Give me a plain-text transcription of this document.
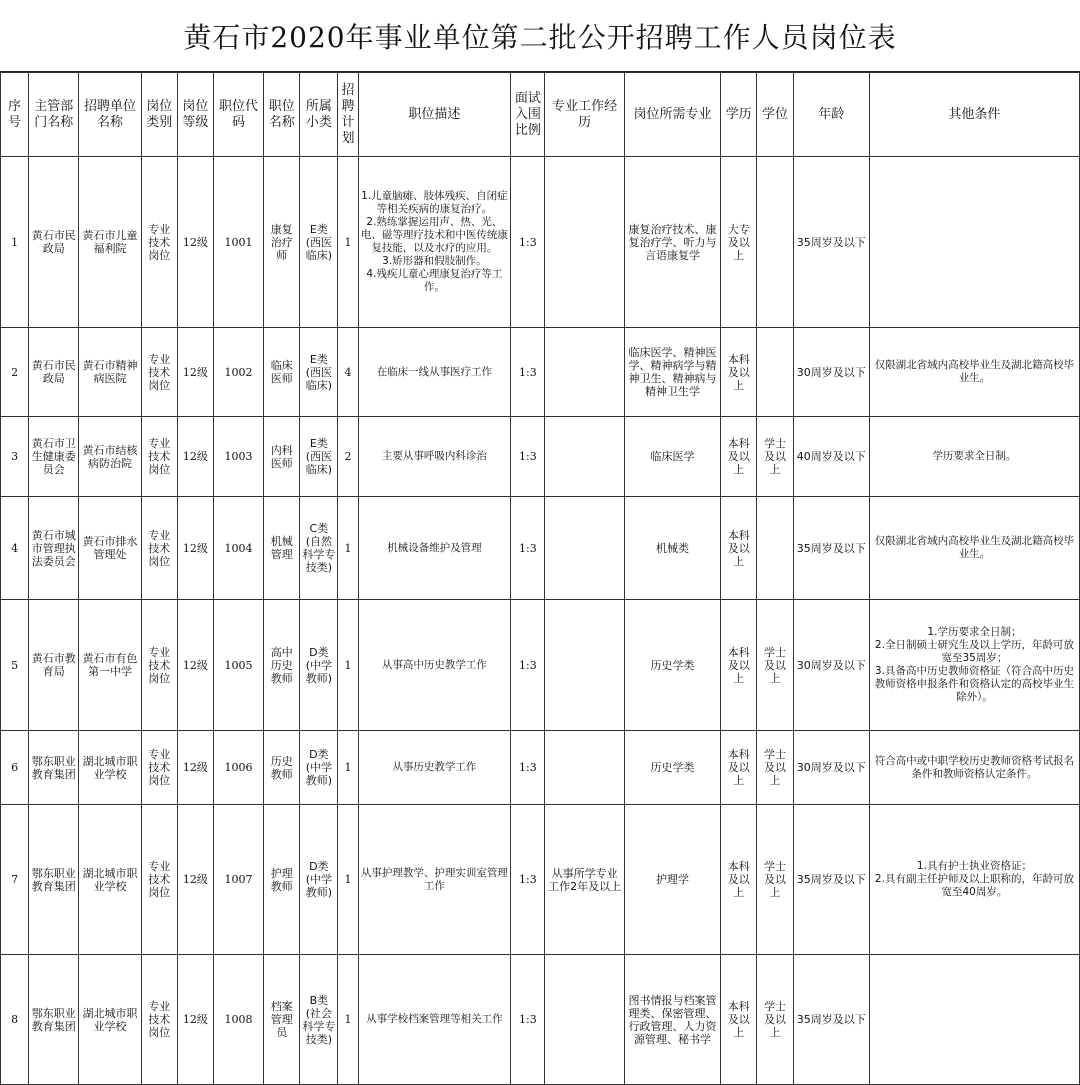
黄石市2020年事业单位第二批公开招聘工作人员岗位表
序号	主管部门名称	招聘单位名称	岗位类别	岗位等级	职位代码	职位名称	所属小类	招聘计划	职位描述	面试入围比例	专业工作经历	岗位所需专业	学历	学位	年龄	其他条件
1	黄石市民政局	黄石市儿童福利院	专业技术岗位	12级	1001	康复治疗师	E类(西医临床)	1	1.儿童脑瘫、肢体残疾、自闭症等相关疾病的康复治疗。
2.熟练掌握运用声、热、光、电、磁等理疗技术和中医传统康复技能，以及水疗的应用。
3.矫形器和假肢制作。
4.残疾儿童心理康复治疗等工作。	1:3		康复治疗技术、康复治疗学、听力与言语康复学	大专及以上		35周岁及以下	
2	黄石市民政局	黄石市精神病医院	专业技术岗位	12级	1002	临床医师	E类(西医临床)	4	在临床一线从事医疗工作	1:3		临床医学、精神医学、精神病学与精神卫生、精神病与精神卫生学	本科及以上		30周岁及以下	仅限湖北省域内高校毕业生及湖北籍高校毕业生。

3	黄石市卫生健康委员会	黄石市结核病防治院	专业技术岗位	12级	1003	内科医师	E类(西医临床)	2	主要从事呼吸内科诊治	1:3		临床医学	本科及以上	学士及以上	40周岁及以下	学历要求全日制。

4	黄石市城市管理执法委员会	黄石市排水管理处	专业技术岗位	12级	1004	机械管理	C类(自然科学专技类)	1	机械设备维护及管理	1:3		机械类	本科及以上		35周岁及以下	仅限湖北省域内高校毕业生及湖北籍高校毕业生。

5	黄石市教育局	黄石市有色第一中学	专业技术岗位	12级	1005	高中历史教师	D类(中学教师)	1	从事高中历史教学工作	1:3		历史学类	本科及以上	学士及以上	30周岁及以下	1.学历要求全日制；
2.全日制硕士研究生及以上学历，年龄可放宽至35周岁；
3.具备高中历史教师资格证（符合高中历史教师资格申报条件和资格认定的高校毕业生除外）。

6	鄂东职业教育集团	湖北城市职业学校	专业技术岗位	12级	1006	历史教师	D类(中学教师)	1	从事历史教学工作	1:3		历史学类	本科及以上	学士及以上	30周岁及以下	符合高中或中职学校历史教师资格考试报名条件和教师资格认定条件。

7	鄂东职业教育集团	湖北城市职业学校	专业技术岗位	12级	1007	护理教师	D类(中学教师)	1	从事护理教学、护理实训室管理工作	1:3	从事所学专业工作2年及以上	护理学	本科及以上	学士及以上	35周岁及以下	1.具有护士执业资格证；
2.具有副主任护师及以上职称的，年龄可放宽至40周岁。

8	鄂东职业教育集团	湖北城市职业学校	专业技术岗位	12级	1008	档案管理员	B类(社会科学专技类)	1	从事学校档案管理等相关工作	1:3		图书情报与档案管理类、保密管理、行政管理、人力资源管理、秘书学	本科及以上	学士及以上	35周岁及以下	
